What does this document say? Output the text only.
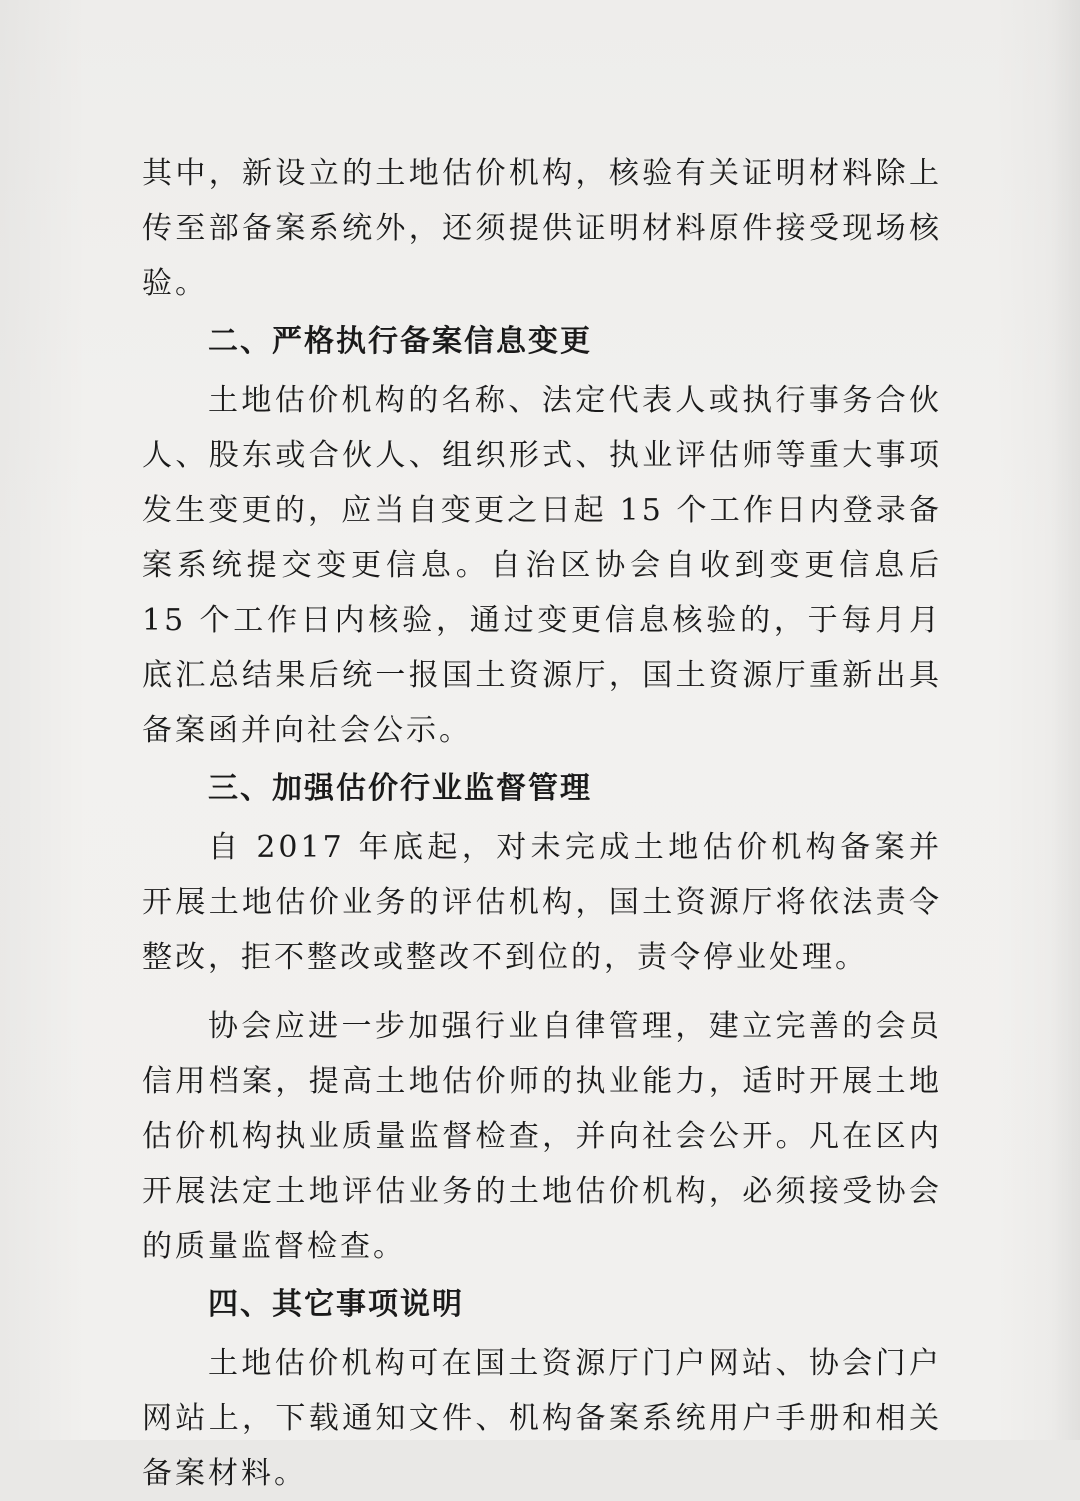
其中，新设立的土地估价机构，核验有关证明材料除上传至部备案系统外，还须提供证明材料原件接受现场核验。

二、严格执行备案信息变更

土地估价机构的名称、法定代表人或执行事务合伙人、股东或合伙人、组织形式、执业评估师等重大事项发生变更的，应当自变更之日起 15 个工作日内登录备案系统提交变更信息。自治区协会自收到变更信息后 15 个工作日内核验，通过变更信息核验的，于每月月底汇总结果后统一报国土资源厅，国土资源厅重新出具备案函并向社会公示。

三、加强估价行业监督管理

自 2017 年底起，对未完成土地估价机构备案并开展土地估价业务的评估机构，国土资源厅将依法责令整改，拒不整改或整改不到位的，责令停业处理。

协会应进一步加强行业自律管理，建立完善的会员信用档案，提高土地估价师的执业能力，适时开展土地估价机构执业质量监督检查，并向社会公开。凡在区内开展法定土地评估业务的土地估价机构，必须接受协会的质量监督检查。

四、其它事项说明

土地估价机构可在国土资源厅门户网站、协会门户网站上，下载通知文件、机构备案系统用户手册和相关备案材料。
